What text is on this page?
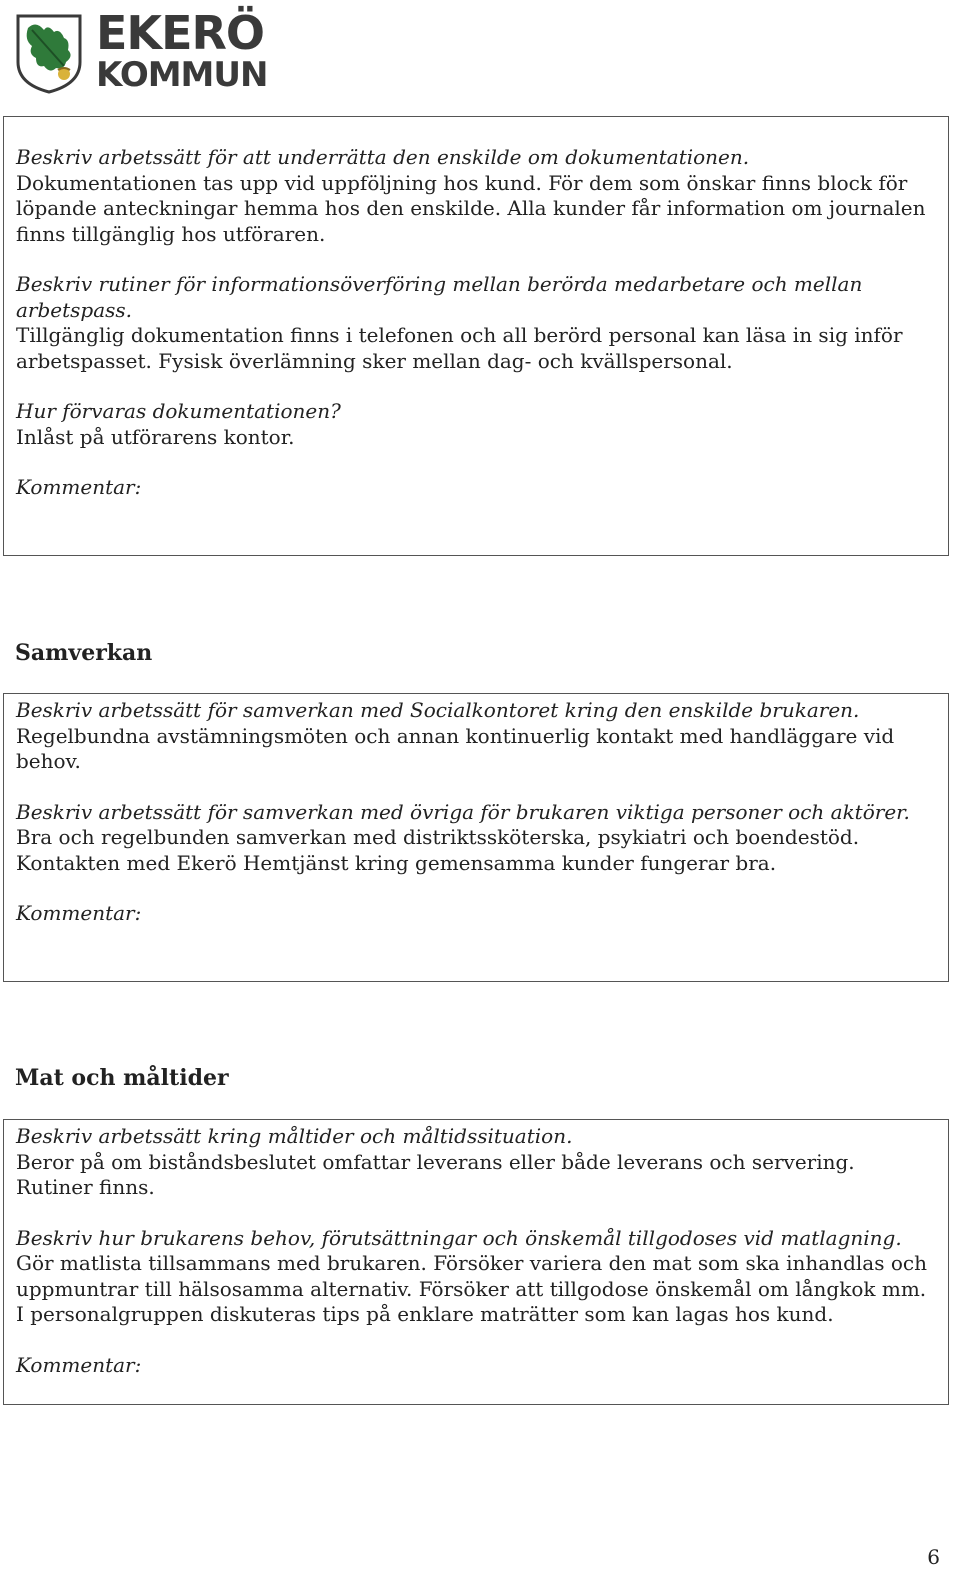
EKERÖ
KOMMUN
Beskriv arbetssätt för att underrätta den enskilde om dokumentationen.
Dokumentationen tas upp vid uppföljning hos kund. För dem som önskar finns block för löpande anteckningar hemma hos den enskilde. Alla kunder får information om journalen finns tillgänglig hos utföraren.
Beskriv rutiner för informationsöverföring mellan berörda medarbetare och mellan arbetspass.
Tillgänglig dokumentation finns i telefonen och all berörd personal kan läsa in sig inför arbetspasset. Fysisk överlämning sker mellan dag- och kvällspersonal.
Hur förvaras dokumentationen?
Inlåst på utförarens kontor.
Kommentar:
Samverkan
Beskriv arbetssätt för samverkan med Socialkontoret kring den enskilde brukaren.
Regelbundna avstämningsmöten och annan kontinuerlig kontakt med handläggare vid behov.
Beskriv arbetssätt för samverkan med övriga för brukaren viktiga personer och aktörer.
Bra och regelbunden samverkan med distriktssköterska, psykiatri och boendestöd. Kontakten med Ekerö Hemtjänst kring gemensamma kunder fungerar bra.
Kommentar:
Mat och måltider
Beskriv arbetssätt kring måltider och måltidssituation.
Beror på om biståndsbeslutet omfattar leverans eller både leverans och servering. Rutiner finns.
Beskriv hur brukarens behov, förutsättningar och önskemål tillgodoses vid matlagning.
Gör matlista tillsammans med brukaren. Försöker variera den mat som ska inhandlas och uppmuntrar till hälsosamma alternativ. Försöker att tillgodose önskemål om långkok mm. I personalgruppen diskuteras tips på enklare maträtter som kan lagas hos kund.
Kommentar:
6
